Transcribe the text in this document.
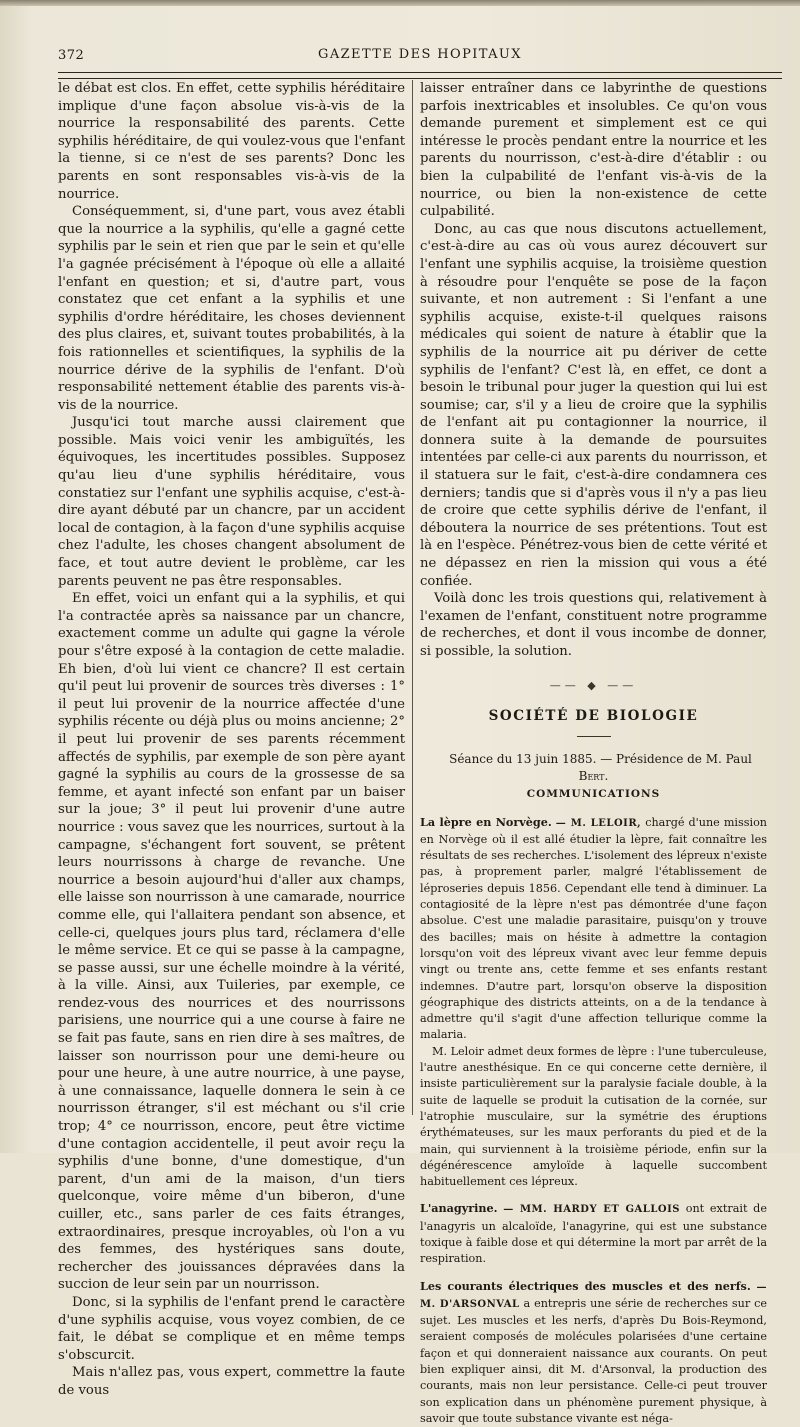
372	GAZETTE DES HOPITAUX

le débat est clos. En effet, cette syphilis héréditaire implique d'une façon absolue vis-à-vis de la nourrice la responsabilité des parents. Cette syphilis héréditaire, de qui voulez-vous que l'enfant la tienne, si ce n'est de ses parents? Donc les parents en sont responsables vis-à-vis de la nourrice.

Conséquemment, si, d'une part, vous avez établi que la nourrice a la syphilis, qu'elle a gagné cette syphilis par le sein et rien que par le sein et qu'elle l'a gagnée précisément à l'époque où elle a allaité l'enfant en question; et si, d'autre part, vous constatez que cet enfant a la syphilis et une syphilis d'ordre héréditaire, les choses deviennent des plus claires, et, suivant toutes probabilités, à la fois rationnelles et scientifiques, la syphilis de la nourrice dérive de la syphilis de l'enfant. D'où responsabilité nettement établie des parents vis-à-vis de la nourrice.

Jusqu'ici tout marche aussi clairement que possible. Mais voici venir les ambiguïtés, les équivoques, les incertitudes possibles. Supposez qu'au lieu d'une syphilis héréditaire, vous constatiez sur l'enfant une syphilis acquise, c'est-à-dire ayant débuté par un chancre, par un accident local de contagion, à la façon d'une syphilis acquise chez l'adulte, les choses changent absolument de face, et tout autre devient le problème, car les parents peuvent ne pas être responsables.

En effet, voici un enfant qui a la syphilis, et qui l'a contractée après sa naissance par un chancre, exactement comme un adulte qui gagne la vérole pour s'être exposé à la contagion de cette maladie. Eh bien, d'où lui vient ce chancre? Il est certain qu'il peut lui provenir de sources très diverses : 1° il peut lui provenir de la nourrice affectée d'une syphilis récente ou déjà plus ou moins ancienne; 2° il peut lui provenir de ses parents récemment affectés de syphilis, par exemple de son père ayant gagné la syphilis au cours de la grossesse de sa femme, et ayant infecté son enfant par un baiser sur la joue; 3° il peut lui provenir d'une autre nourrice : vous savez que les nourrices, surtout à la campagne, s'échangent fort souvent, se prêtent leurs nourrissons à charge de revanche. Une nourrice a besoin aujourd'hui d'aller aux champs, elle laisse son nourrisson à une camarade, nourrice comme elle, qui l'allaitera pendant son absence, et celle-ci, quelques jours plus tard, réclamera d'elle le même service. Et ce qui se passe à la campagne, se passe aussi, sur une échelle moindre à la vérité, à la ville. Ainsi, aux Tuileries, par exemple, ce rendez-vous des nourrices et des nourrissons parisiens, une nourrice qui a une course à faire ne se fait pas faute, sans en rien dire à ses maîtres, de laisser son nourrisson pour une demi-heure ou pour une heure, à une autre nourrice, à une payse, à une connaissance, laquelle donnera le sein à ce nourrisson étranger, s'il est méchant ou s'il crie trop; 4° ce nourrisson, encore, peut être victime d'une contagion accidentelle, il peut avoir reçu la syphilis d'une bonne, d'une domestique, d'un parent, d'un ami de la maison, d'un tiers quelconque, voire même d'un biberon, d'une cuiller, etc., sans parler de ces faits étranges, extraordinaires, presque incroyables, où l'on a vu des femmes, des hystériques sans doute, rechercher des jouissances dépravées dans la succion de leur sein par un nourrisson.

Donc, si la syphilis de l'enfant prend le caractère d'une syphilis acquise, vous voyez combien, de ce fait, le débat se complique et en même temps s'obscurcit.

Mais n'allez pas, vous expert, commettre la faute de vous

laisser entraîner dans ce labyrinthe de questions parfois inextricables et insolubles. Ce qu'on vous demande purement et simplement est ce qui intéresse le procès pendant entre la nourrice et les parents du nourrisson, c'est-à-dire d'établir : ou bien la culpabilité de l'enfant vis-à-vis de la nourrice, ou bien la non-existence de cette culpabilité.

Donc, au cas que nous discutons actuellement, c'est-à-dire au cas où vous aurez découvert sur l'enfant une syphilis acquise, la troisième question à résoudre pour l'enquête se pose de la façon suivante, et non autrement : Si l'enfant a une syphilis acquise, existe-t-il quelques raisons médicales qui soient de nature à établir que la syphilis de la nourrice ait pu dériver de cette syphilis de l'enfant? C'est là, en effet, ce dont a besoin le tribunal pour juger la question qui lui est soumise; car, s'il y a lieu de croire que la syphilis de l'enfant ait pu contagionner la nourrice, il donnera suite à la demande de poursuites intentées par celle-ci aux parents du nourrisson, et il statuera sur le fait, c'est-à-dire condamnera ces derniers; tandis que si d'après vous il n'y a pas lieu de croire que cette syphilis dérive de l'enfant, il déboutera la nourrice de ses prétentions. Tout est là en l'espèce. Pénétrez-vous bien de cette vérité et ne dépassez en rien la mission qui vous a été confiée.

Voilà donc les trois questions qui, relativement à l'examen de l'enfant, constituent notre programme de recherches, et dont il vous incombe de donner, si possible, la solution.

—— ◆ ——
SOCIÉTÉ DE BIOLOGIE

Séance du 13 juin 1885. — Présidence de M. Paul Bert.

COMMUNICATIONS

La lèpre en Norvège. — M. LELOIR, chargé d'une mission en Norvège où il est allé étudier la lèpre, fait connaître les résultats de ses recherches. L'isolement des lépreux n'existe pas, à proprement parler, malgré l'établissement de léproseries depuis 1856. Cependant elle tend à diminuer. La contagiosité de la lèpre n'est pas démontrée d'une façon absolue. C'est une maladie parasitaire, puisqu'on y trouve des bacilles; mais on hésite à admettre la contagion lorsqu'on voit des lépreux vivant avec leur femme depuis vingt ou trente ans, cette femme et ses enfants restant indemnes. D'autre part, lorsqu'on observe la disposition géographique des districts atteints, on a de la tendance à admettre qu'il s'agit d'une affection tellurique comme la malaria.

M. Leloir admet deux formes de lèpre : l'une tuberculeuse, l'autre anesthésique. En ce qui concerne cette dernière, il insiste particulièrement sur la paralysie faciale double, à la suite de laquelle se produit la cutisation de la cornée, sur l'atrophie musculaire, sur la symétrie des éruptions érythémateuses, sur les maux perforants du pied et de la main, qui surviennent à la troisième période, enfin sur la dégénérescence amyloïde à laquelle succombent habituellement ces lépreux.

L'anagyrine. — MM. HARDY ET GALLOIS ont extrait de l'anagyris un alcaloïde, l'anagyrine, qui est une substance toxique à faible dose et qui détermine la mort par arrêt de la respiration.

Les courants électriques des muscles et des nerfs. — M. D'ARSONVAL a entrepris une série de recherches sur ce sujet. Les muscles et les nerfs, d'après Du Bois-Reymond, seraient composés de molécules polarisées d'une certaine façon et qui donneraient naissance aux courants. On peut bien expliquer ainsi, dit M. d'Arsonval, la production des courants, mais non leur persistance. Celle-ci peut trouver son explication dans un phénomène purement physique, à savoir que toute substance vivante est néga-
